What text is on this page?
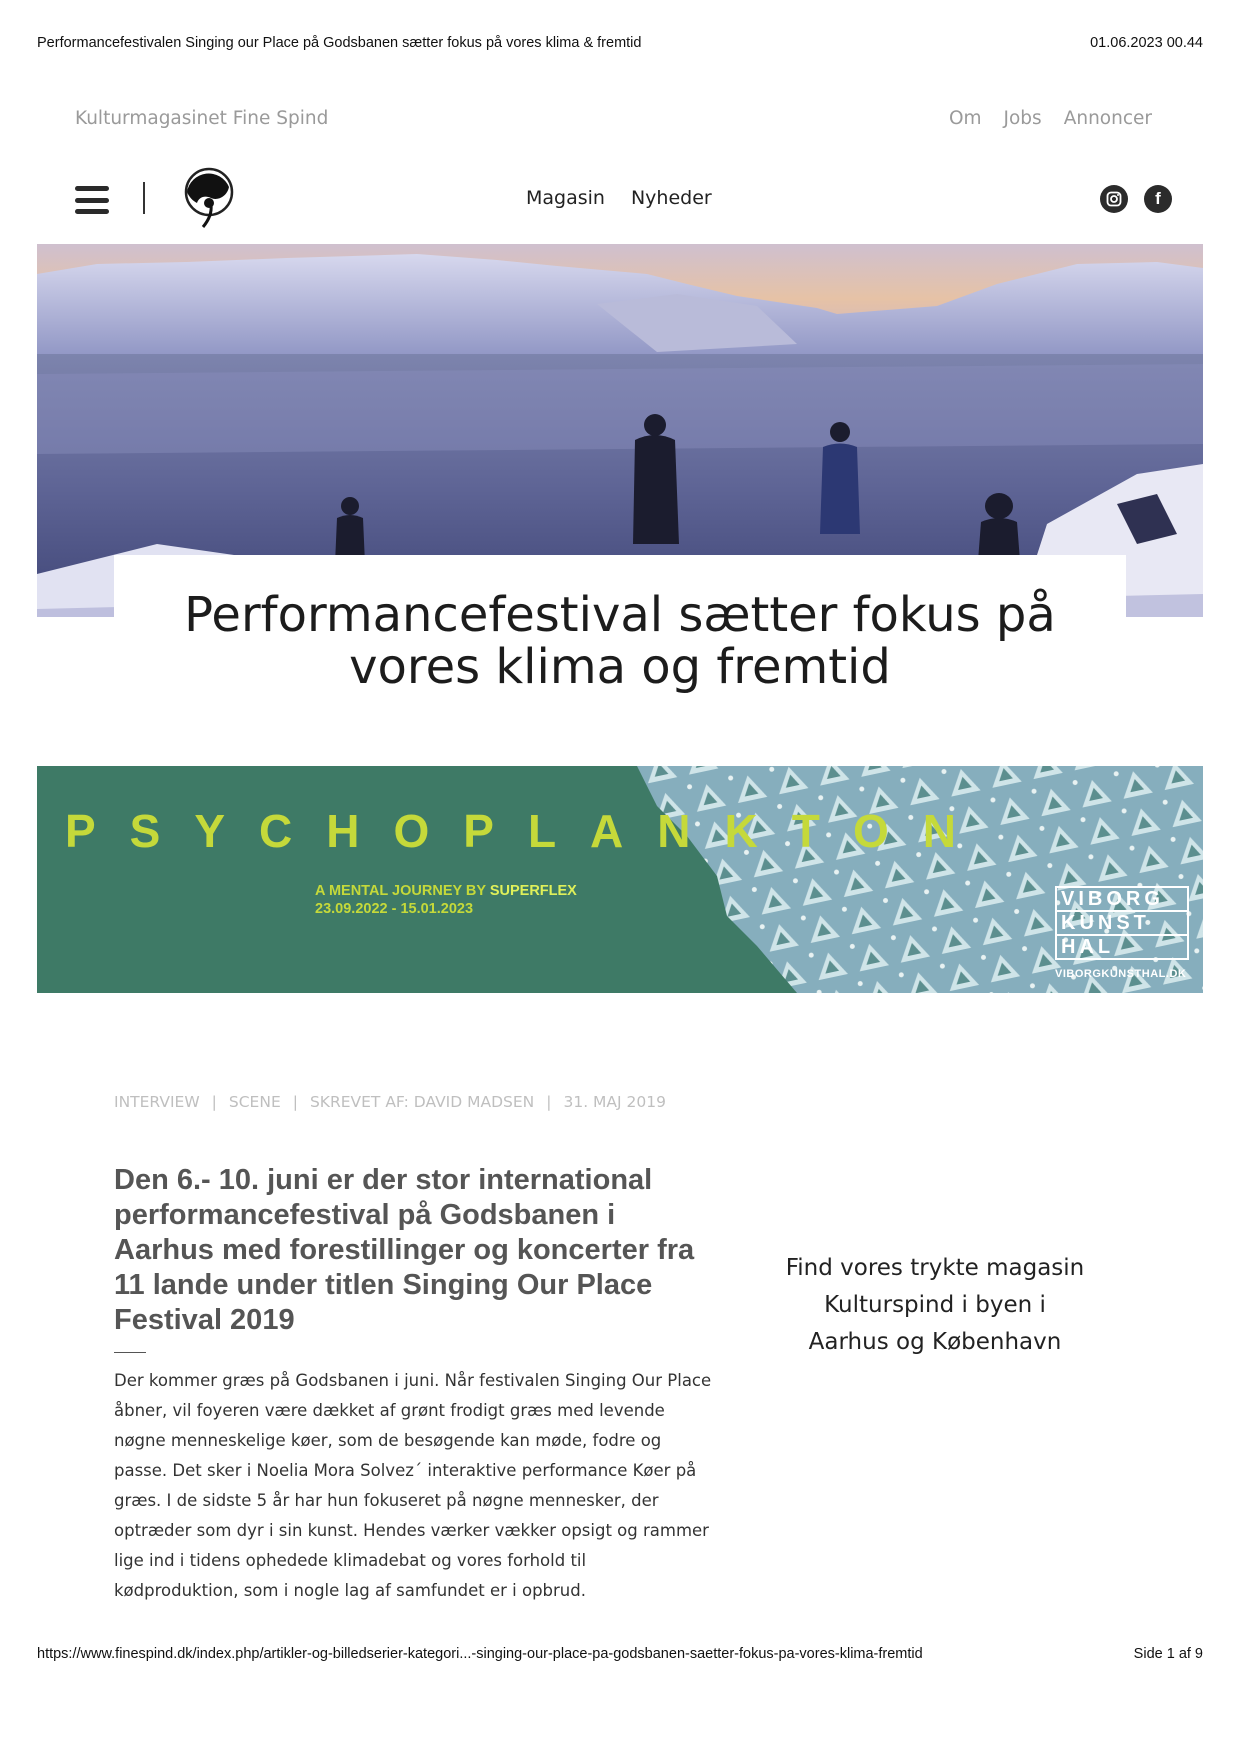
Performancefestivalen Singing our Place på Godsbanen sætter fokus på vores klima & fremtid	01.06.2023 00.44
Kulturmagasinet Fine Spind	Om Jobs Annoncer
Magasin Nyheder	f
Performancefestival sætter fokus på vores klima og fremtid
PSYCHOPLANKTON
A MENTAL JOURNEY BY SUPERFLEX
23.09.2022 - 15.01.2023	VIBORG
KUNST
HAL
VIBORGKUNSTHAL.DK
INTERVIEW | SCENE | SKREVET AF: DAVID MADSEN | 31. MAJ 2019
Den 6.- 10. juni er der stor international performancefestival på Godsbanen i Aarhus med forestillinger og koncerter fra 11 lande under titlen Singing Our Place Festival 2019

Der kommer græs på Godsbanen i juni. Når festivalen Singing Our Place åbner, vil foyeren være dækket af grønt frodigt græs med levende nøgne menneskelige køer, som de besøgende kan møde, fodre og passe. Det sker i Noelia Mora Solvez´ interaktive performance Køer på græs. I de sidste 5 år har hun fokuseret på nøgne mennesker, der optræder som dyr i sin kunst. Hendes værker vækker opsigt og rammer lige ind i tidens ophedede klimadebat og vores forhold til kødproduktion, som i nogle lag af samfundet er i opbrud.

Find vores trykte magasin
Kulturspind i byen i
Aarhus og København

https://www.finespind.dk/index.php/artikler-og-billedserier-kategori...-singing-our-place-pa-godsbanen-saetter-fokus-pa-vores-klima-fremtid	Side 1 af 9
